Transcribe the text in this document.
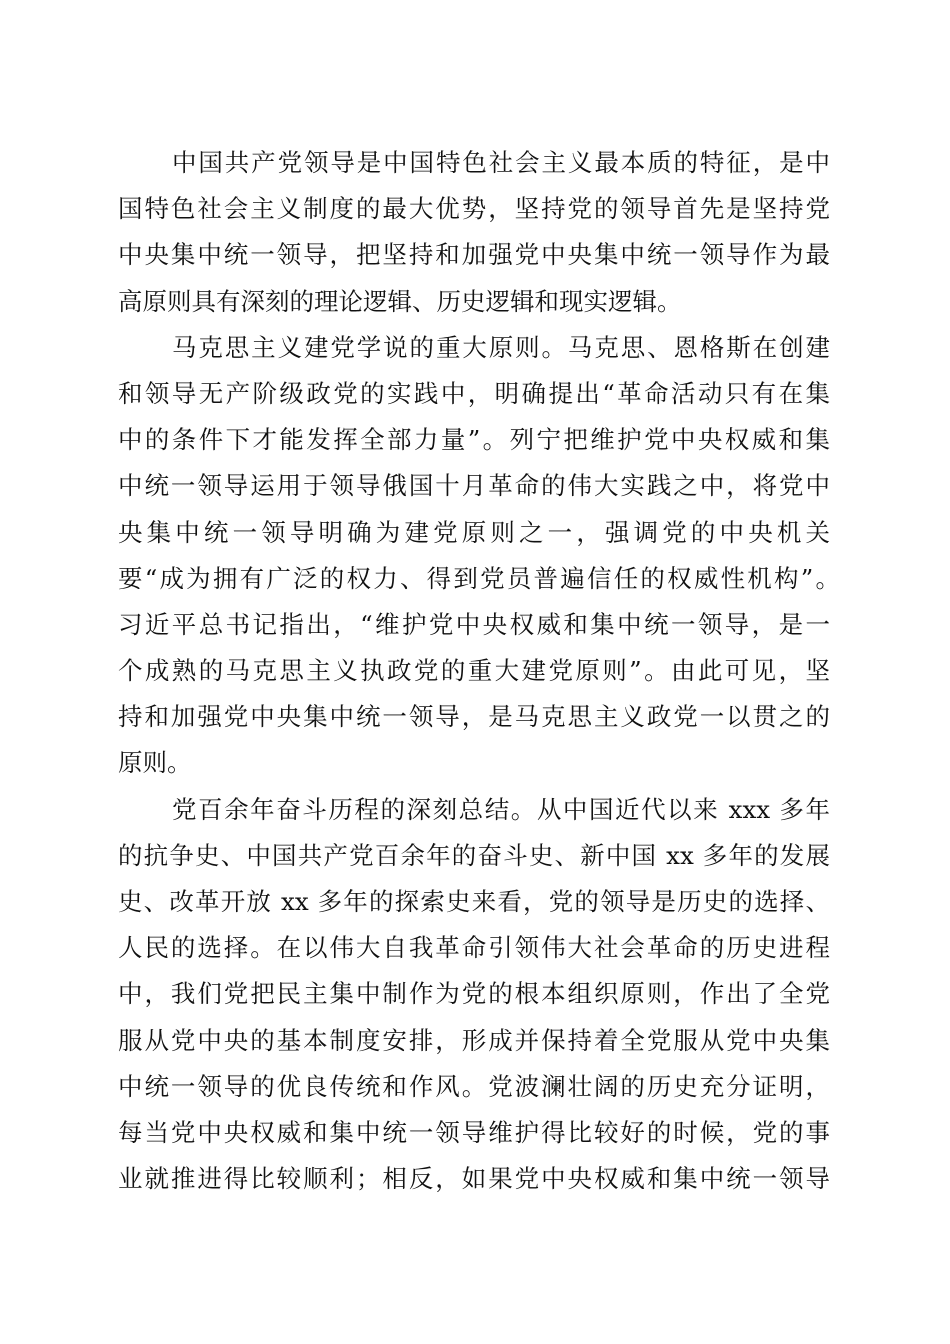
中国共产党领导是中国特色社会主义最本质的特征，是中
国特色社会主义制度的最大优势，坚持党的领导首先是坚持党
中央集中统一领导，把坚持和加强党中央集中统一领导作为最
高原则具有深刻的理论逻辑、历史逻辑和现实逻辑。
马克思主义建党学说的重大原则。马克思、恩格斯在创建
和领导无产阶级政党的实践中，明确提出“革命活动只有在集
中的条件下才能发挥全部力量”。列宁把维护党中央权威和集
中统一领导运用于领导俄国十月革命的伟大实践之中，将党中
央集中统一领导明确为建党原则之一，强调党的中央机关
要“成为拥有广泛的权力、得到党员普遍信任的权威性机构”。
习近平总书记指出，“维护党中央权威和集中统一领导，是一
个成熟的马克思主义执政党的重大建党原则”。由此可见，坚
持和加强党中央集中统一领导，是马克思主义政党一以贯之的
原则。
党百余年奋斗历程的深刻总结。从中国近代以来 xxx 多年
的抗争史、中国共产党百余年的奋斗史、新中国 xx 多年的发展
史、改革开放 xx 多年的探索史来看，党的领导是历史的选择、
人民的选择。在以伟大自我革命引领伟大社会革命的历史进程
中，我们党把民主集中制作为党的根本组织原则，作出了全党
服从党中央的基本制度安排，形成并保持着全党服从党中央集
中统一领导的优良传统和作风。党波澜壮阔的历史充分证明，
每当党中央权威和集中统一领导维护得比较好的时候，党的事
业就推进得比较顺利；相反，如果党中央权威和集中统一领导
